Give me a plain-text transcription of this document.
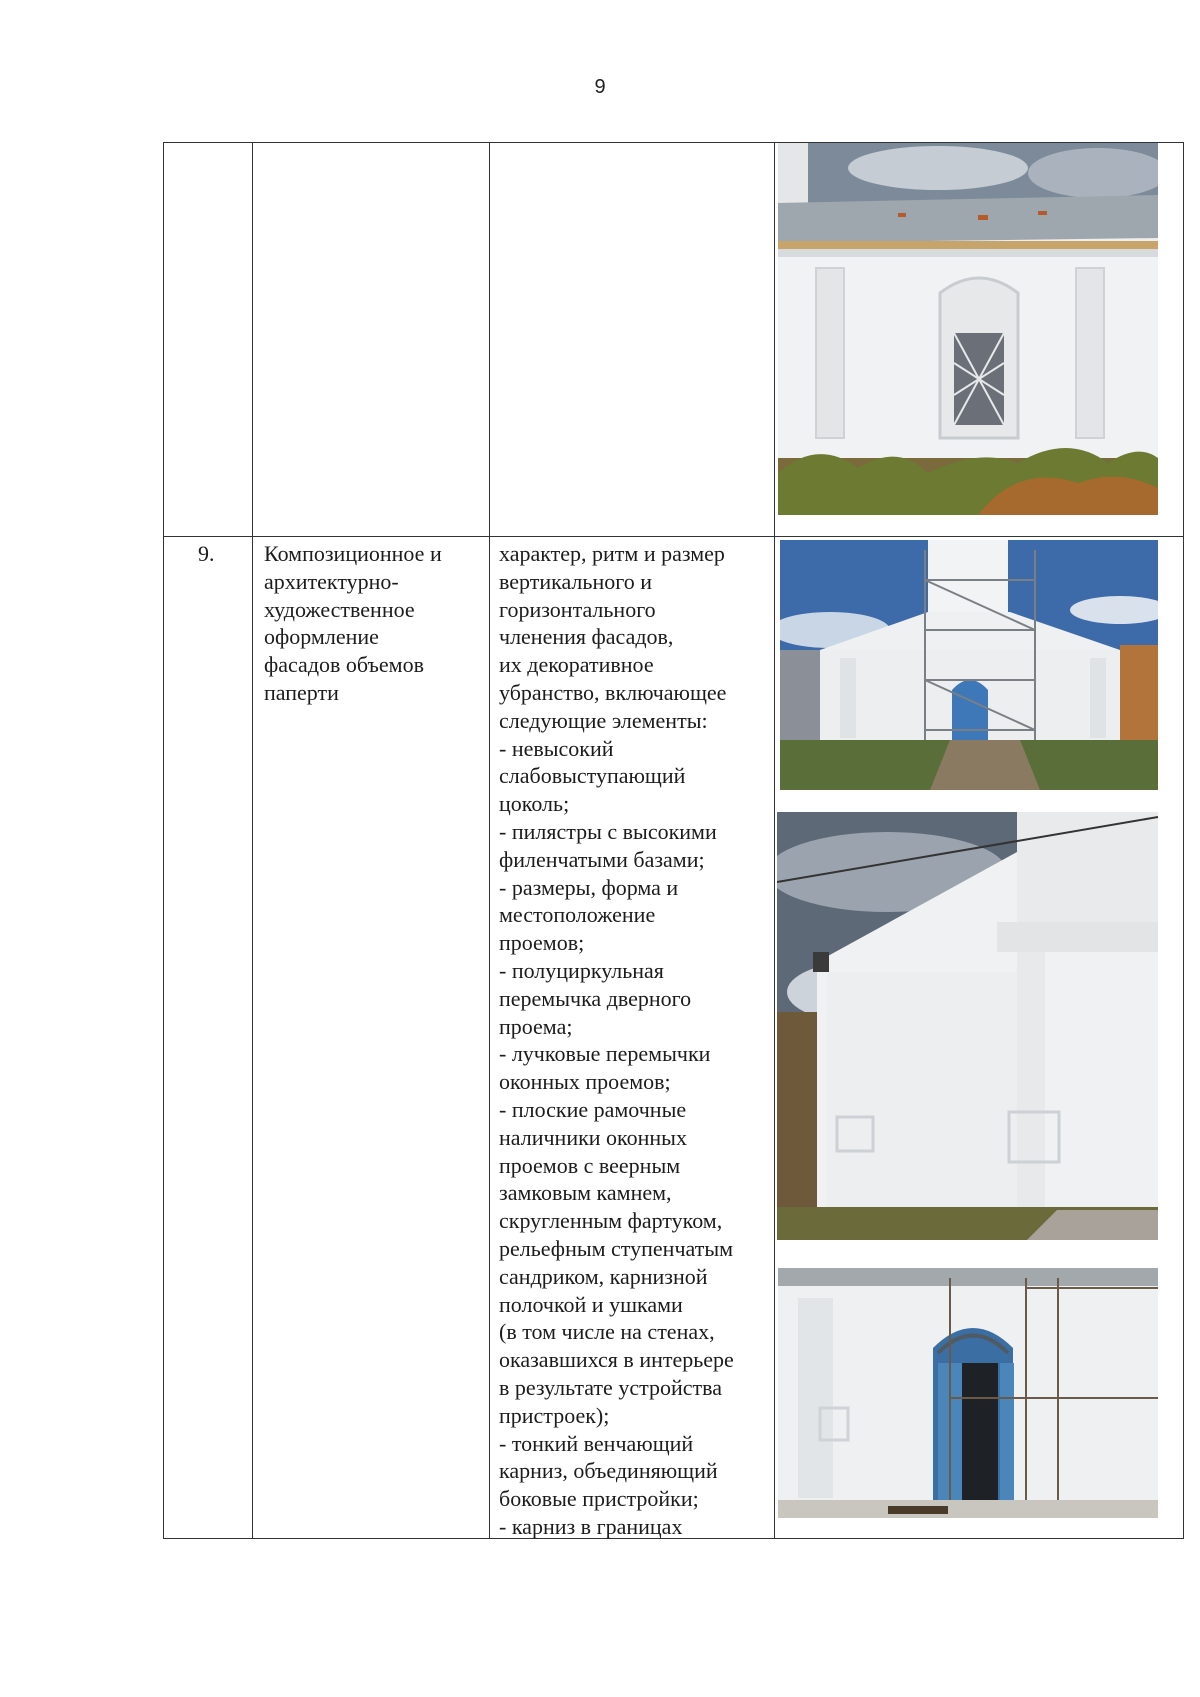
9
9. Композиционное и
архитектурно-
художественное
оформление
фасадов объемов
паперти
характер, ритм и размер
вертикального и
горизонтального
членения фасадов,
их декоративное
убранство, включающее
следующие элементы:
- невысокий
слабовыступающий
цоколь;
- пилястры с высокими
филенчатыми базами;
- размеры, форма и
местоположение
проемов;
- полуциркульная
перемычка дверного
проема;
- лучковые перемычки
оконных проемов;
- плоские рамочные
наличники оконных
проемов с веерным
замковым камнем,
скругленным фартуком,
рельефным ступенчатым
сандриком, карнизной
полочкой и ушками
(в том числе на стенах,
оказавшихся в интерьере
в результате устройства
пристроек);
- тонкий венчающий
карниз, объединяющий
боковые пристройки;
- карниз в границах
